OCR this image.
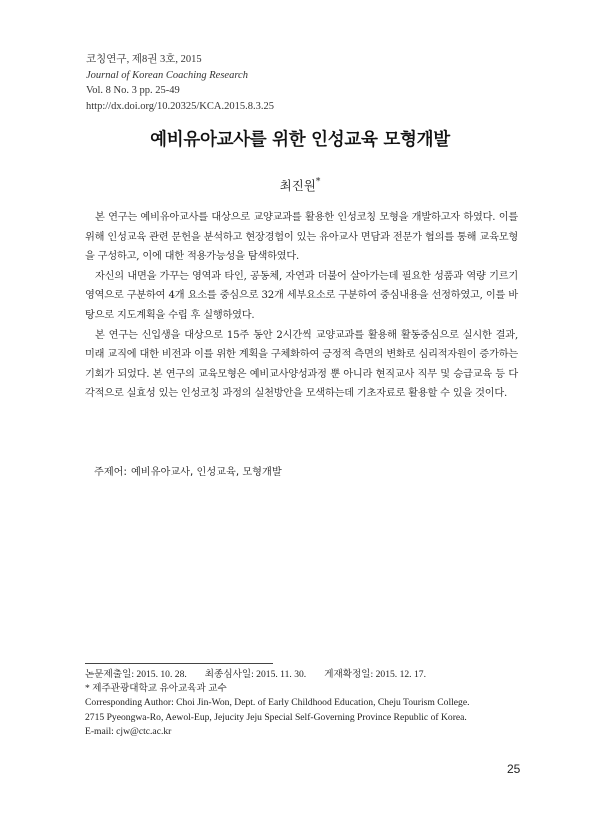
코칭연구, 제8권 3호, 2015
Journal of Korean Coaching Research
Vol. 8 No. 3 pp. 25-49
http://dx.doi.org/10.20325/KCA.2015.8.3.25
예비유아교사를 위한 인성교육 모형개발
최진원*

본 연구는 예비유아교사를 대상으로 교양교과를 활용한 인성코칭 모형을 개발하고자 하였다. 이를 위해 인성교육 관련 문헌을 분석하고 현장경험이 있는 유아교사 면담과 전문가 협의를 통해 교육모형을 구성하고, 이에 대한 적용가능성을 탐색하였다.

자신의 내면을 가꾸는 영역과 타인, 공동체, 자연과 더불어 살아가는데 필요한 성품과 역량 기르기 영역으로 구분하여 4개 요소를 중심으로 32개 세부요소로 구분하여 중심내용을 선정하였고, 이를 바탕으로 지도계획을 수립 후 실행하였다.

본 연구는 신입생을 대상으로 15주 동안 2시간씩 교양교과를 활용해 활동중심으로 실시한 결과, 미래 교직에 대한 비전과 이를 위한 계획을 구체화하여 긍정적 측면의 변화로 심리적자원이 증가하는 기회가 되었다. 본 연구의 교육모형은 예비교사양성과정 뿐 아니라 현직교사 직무 및 승급교육 등 다각적으로 실효성 있는 인성코칭 과정의 실천방안을 모색하는데 기초자료로 활용할 수 있을 것이다.

주제어: 예비유아교사, 인성교육, 모형개발
논문제출일: 2015. 10. 28. 최종심사일: 2015. 11. 30. 게재확정일: 2015. 12. 17.
* 제주관광대학교 유아교육과 교수
Corresponding Author: Choi Jin-Won, Dept. of Early Childhood Education, Cheju Tourism College.
2715 Pyeongwa-Ro, Aewol-Eup, Jejucity Jeju Special Self-Governing Province Republic of Korea.
E-mail: cjw@ctc.ac.kr
25
